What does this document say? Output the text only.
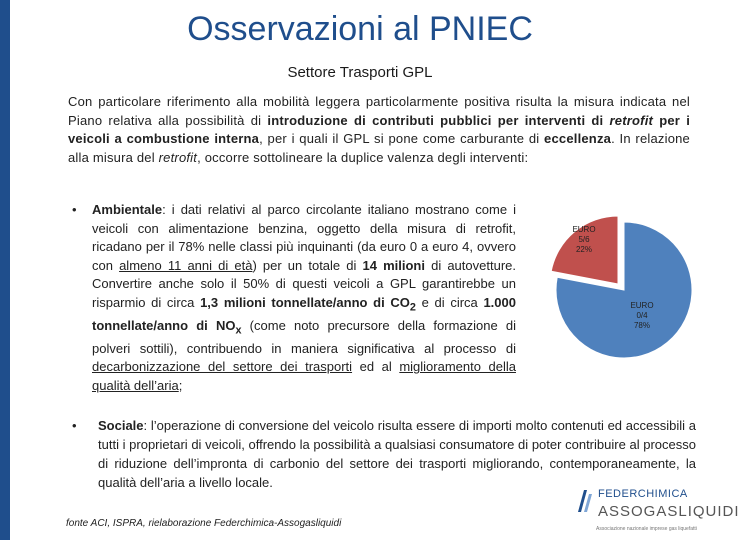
Osservazioni al PNIEC
Settore Trasporti GPL
Con particolare riferimento alla mobilità leggera particolarmente positiva risulta la misura indicata nel Piano relativa alla possibilità di introduzione di contributi pubblici per interventi di retrofit per i veicoli a combustione interna, per i quali il GPL si pone come carburante di eccellenza. In relazione alla misura del retrofit, occorre sottolineare la duplice valenza degli interventi:
• Ambientale: i dati relativi al parco circolante italiano mostrano come i veicoli con alimentazione benzina, oggetto della misura di retrofit, ricadano per il 78% nelle classi più inquinanti (da euro 0 a euro 4, ovvero con almeno 11 anni di età) per un totale di 14 milioni di autovetture. Convertire anche solo il 50% di questi veicoli a GPL garantirebbe un risparmio di circa 1,3 milioni tonnellate/anno di $CO_2$ e di circa 1.000 tonnellate/anno di $NO_x$ (come noto precursore della formazione di polveri sottili), contribuendo in maniera significativa al processo di decarbonizzazione del settore dei trasporti ed al miglioramento della qualità dell’aria;
EURO
5/6
22%
EURO
0/4
78%
• Sociale: l’operazione di conversione del veicolo risulta essere di importi molto contenuti ed accessibili a tutti i proprietari di veicoli, offrendo la possibilità a qualsiasi consumatore di poter contribuire al processo di riduzione dell’impronta di carbonio del settore dei trasporti migliorando, contemporaneamente, la qualità dell’aria a livello locale.
fonte ACI, ISPRA, rielaborazione Federchimica-Assogasliquidi
FEDERCHIMICA
ASSOGASLIQUIDI
Associazione nazionale imprese gas liquefatti
